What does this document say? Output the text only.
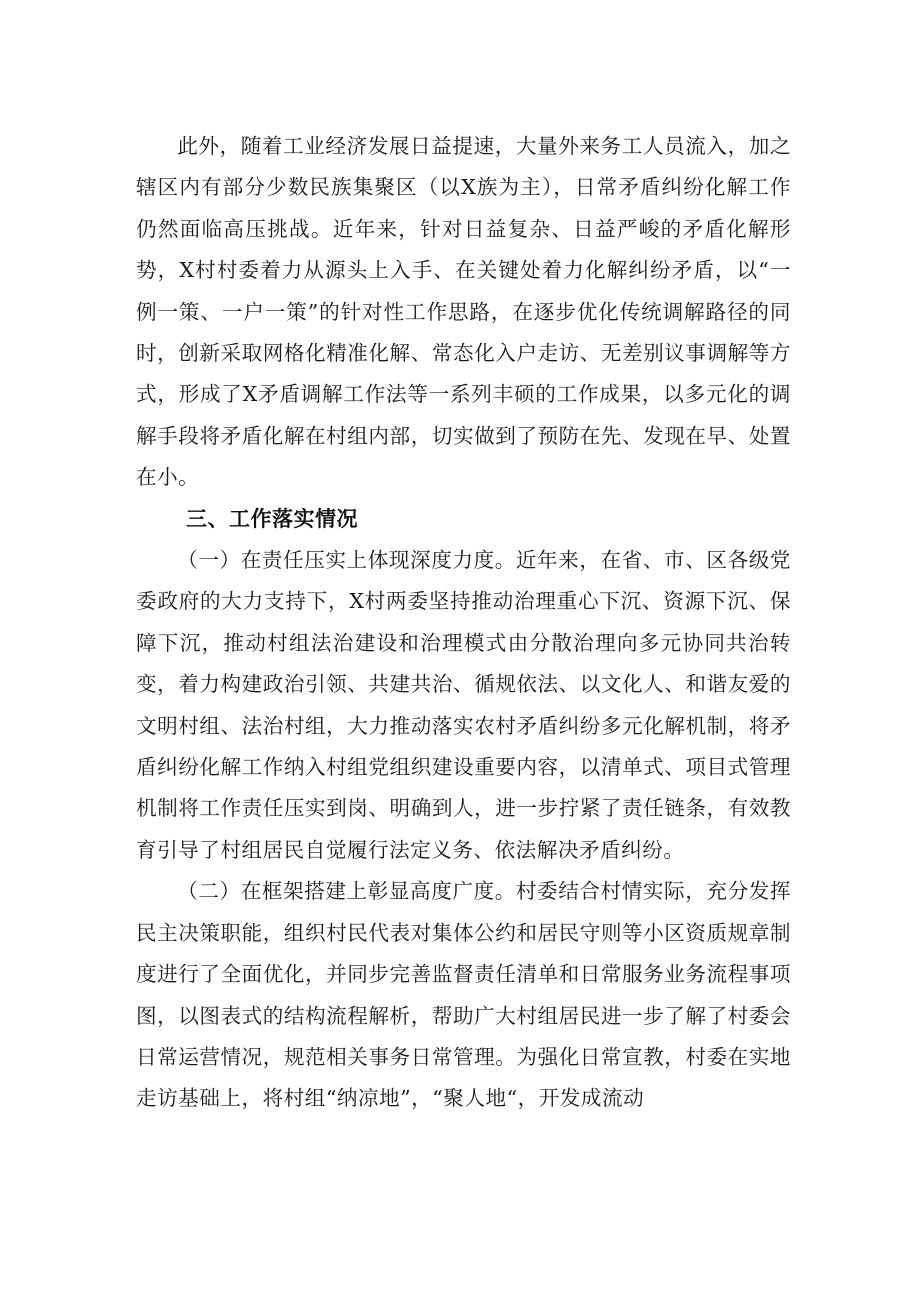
此外，随着工业经济发展日益提速，大量外来务工人员流入，加之辖区内有部分少数民族集聚区（以X族为主），日常矛盾纠纷化解工作仍然面临高压挑战。近年来，针对日益复杂、日益严峻的矛盾化解形势，X村村委着力从源头上入手、在关键处着力化解纠纷矛盾，以“一例一策、一户一策”的针对性工作思路，在逐步优化传统调解路径的同时，创新采取网格化精准化解、常态化入户走访、无差别议事调解等方式，形成了X矛盾调解工作法等一系列丰硕的工作成果，以多元化的调解手段将矛盾化解在村组内部，切实做到了预防在先、发现在早、处置在小。

三、工作落实情况

（一）在责任压实上体现深度力度。近年来，在省、市、区各级党委政府的大力支持下，X村两委坚持推动治理重心下沉、资源下沉、保障下沉，推动村组法治建设和治理模式由分散治理向多元协同共治转变，着力构建政治引领、共建共治、循规依法、以文化人、和谐友爱的文明村组、法治村组，大力推动落实农村矛盾纠纷多元化解机制，将矛盾纠纷化解工作纳入村组党组织建设重要内容，以清单式、项目式管理机制将工作责任压实到岗、明确到人，进一步拧紧了责任链条，有效教育引导了村组居民自觉履行法定义务、依法解决矛盾纠纷。

（二）在框架搭建上彰显高度广度。村委结合村情实际，充分发挥民主决策职能，组织村民代表对集体公约和居民守则等小区资质规章制度进行了全面优化，并同步完善监督责任清单和日常服务业务流程事项图，以图表式的结构流程解析，帮助广大村组居民进一步了解了村委会日常运营情况，规范相关事务日常管理。为强化日常宣教，村委在实地走访基础上，将村组“纳凉地”，“聚人地“，开发成流动
